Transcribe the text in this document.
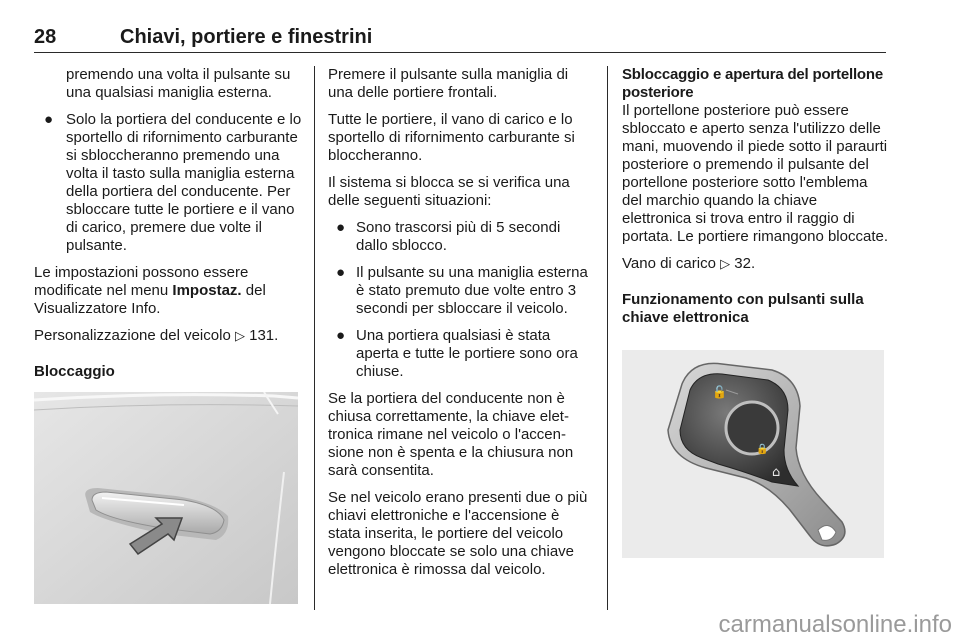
28	Chiavi, portiere e finestrini

premendo una volta il pulsante su una qualsiasi maniglia esterna.

● Solo la portiera del conducente e lo sportello di rifornimento carburante si sbloccheranno premendo una volta il tasto sulla maniglia esterna della portiera del conducente. Per sbloccare tutte le portiere e il vano di carico, premere due volte il pulsante.

Le impostazioni possono essere modificate nel menu Impostaz. del Visualizzatore Info.

Personalizzazione del veicolo ▷ 131.

Bloccaggio

Premere il pulsante sulla maniglia di una delle portiere frontali.

Tutte le portiere, il vano di carico e lo sportello di rifornimento carburante si bloccheranno.

Il sistema si blocca se si verifica una delle seguenti situazioni:

● Sono trascorsi più di 5 secondi dallo sblocco.

● Il pulsante su una maniglia esterna è stato premuto due volte entro 3 secondi per sbloccare il veicolo.

● Una portiera qualsiasi è stata aperta e tutte le portiere sono ora chiuse.

Se la portiera del conducente non è chiusa correttamente, la chiave elettronica rimane nel veicolo o l'accensione non è spenta e la chiusura non sarà consentita.

Se nel veicolo erano presenti due o più chiavi elettroniche e l'accensione è stata inserita, le portiere del veicolo vengono bloccate se solo una chiave elettronica è rimossa dal veicolo.

Sbloccaggio e apertura del portellone posteriore

Il portellone posteriore può essere sbloccato e aperto senza l'utilizzo delle mani, muovendo il piede sotto il paraurti posteriore o premendo il pulsante del portellone posteriore sotto l'emblema del marchio quando la chiave elettronica si trova entro il raggio di portata. Le portiere rimangono bloccate.

Vano di carico ▷ 32.

Funzionamento con pulsanti sulla chiave elettronica

🔓
🔒
⌂
carmanualsonline.info
